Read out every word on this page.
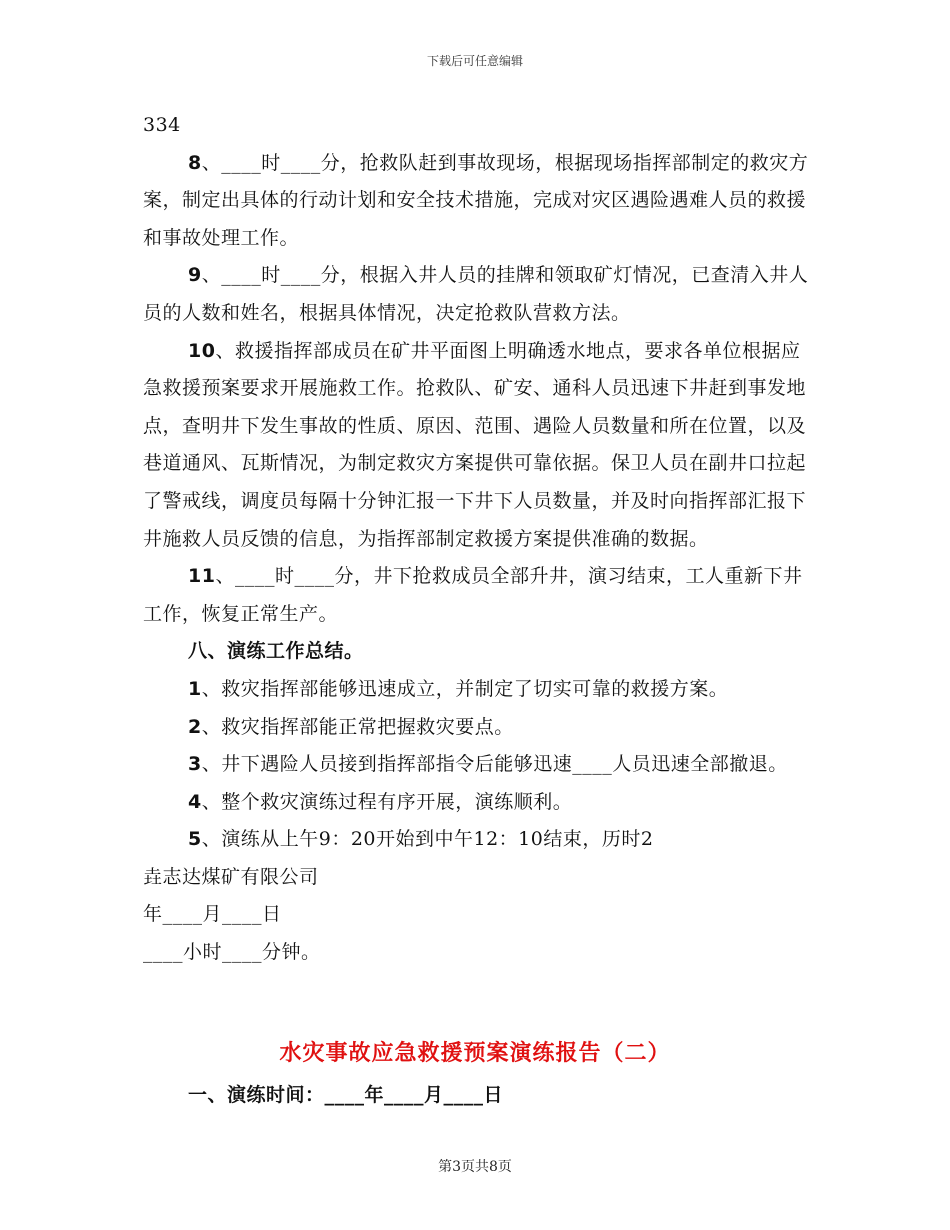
下载后可任意编辑

334

8、____时____分，抢救队赶到事故现场，根据现场指挥部制定的救灾方案，制定出具体的行动计划和安全技术措施，完成对灾区遇险遇难人员的救援和事故处理工作。

9、____时____分，根据入井人员的挂牌和领取矿灯情况，已查清入井人员的人数和姓名，根据具体情况，决定抢救队营救方法。

10、救援指挥部成员在矿井平面图上明确透水地点，要求各单位根据应急救援预案要求开展施救工作。抢救队、矿安、通科人员迅速下井赶到事发地点，查明井下发生事故的性质、原因、范围、遇险人员数量和所在位置，以及巷道通风、瓦斯情况，为制定救灾方案提供可靠依据。保卫人员在副井口拉起了警戒线，调度员每隔十分钟汇报一下井下人员数量，并及时向指挥部汇报下井施救人员反馈的信息，为指挥部制定救援方案提供准确的数据。

11、____时____分，井下抢救成员全部升井，演习结束，工人重新下井工作，恢复正常生产。

八、演练工作总结。

1、救灾指挥部能够迅速成立，并制定了切实可靠的救援方案。

2、救灾指挥部能正常把握救灾要点。

3、井下遇险人员接到指挥部指令后能够迅速____人员迅速全部撤退。

4、整个救灾演练过程有序开展，演练顺利。

5、演练从上午9：20开始到中午12：10结束，历时2

垚志达煤矿有限公司

年____月____日

____小时____分钟。

水灾事故应急救援预案演练报告（二）
一、演练时间：____年____月____日
第3页共8页
